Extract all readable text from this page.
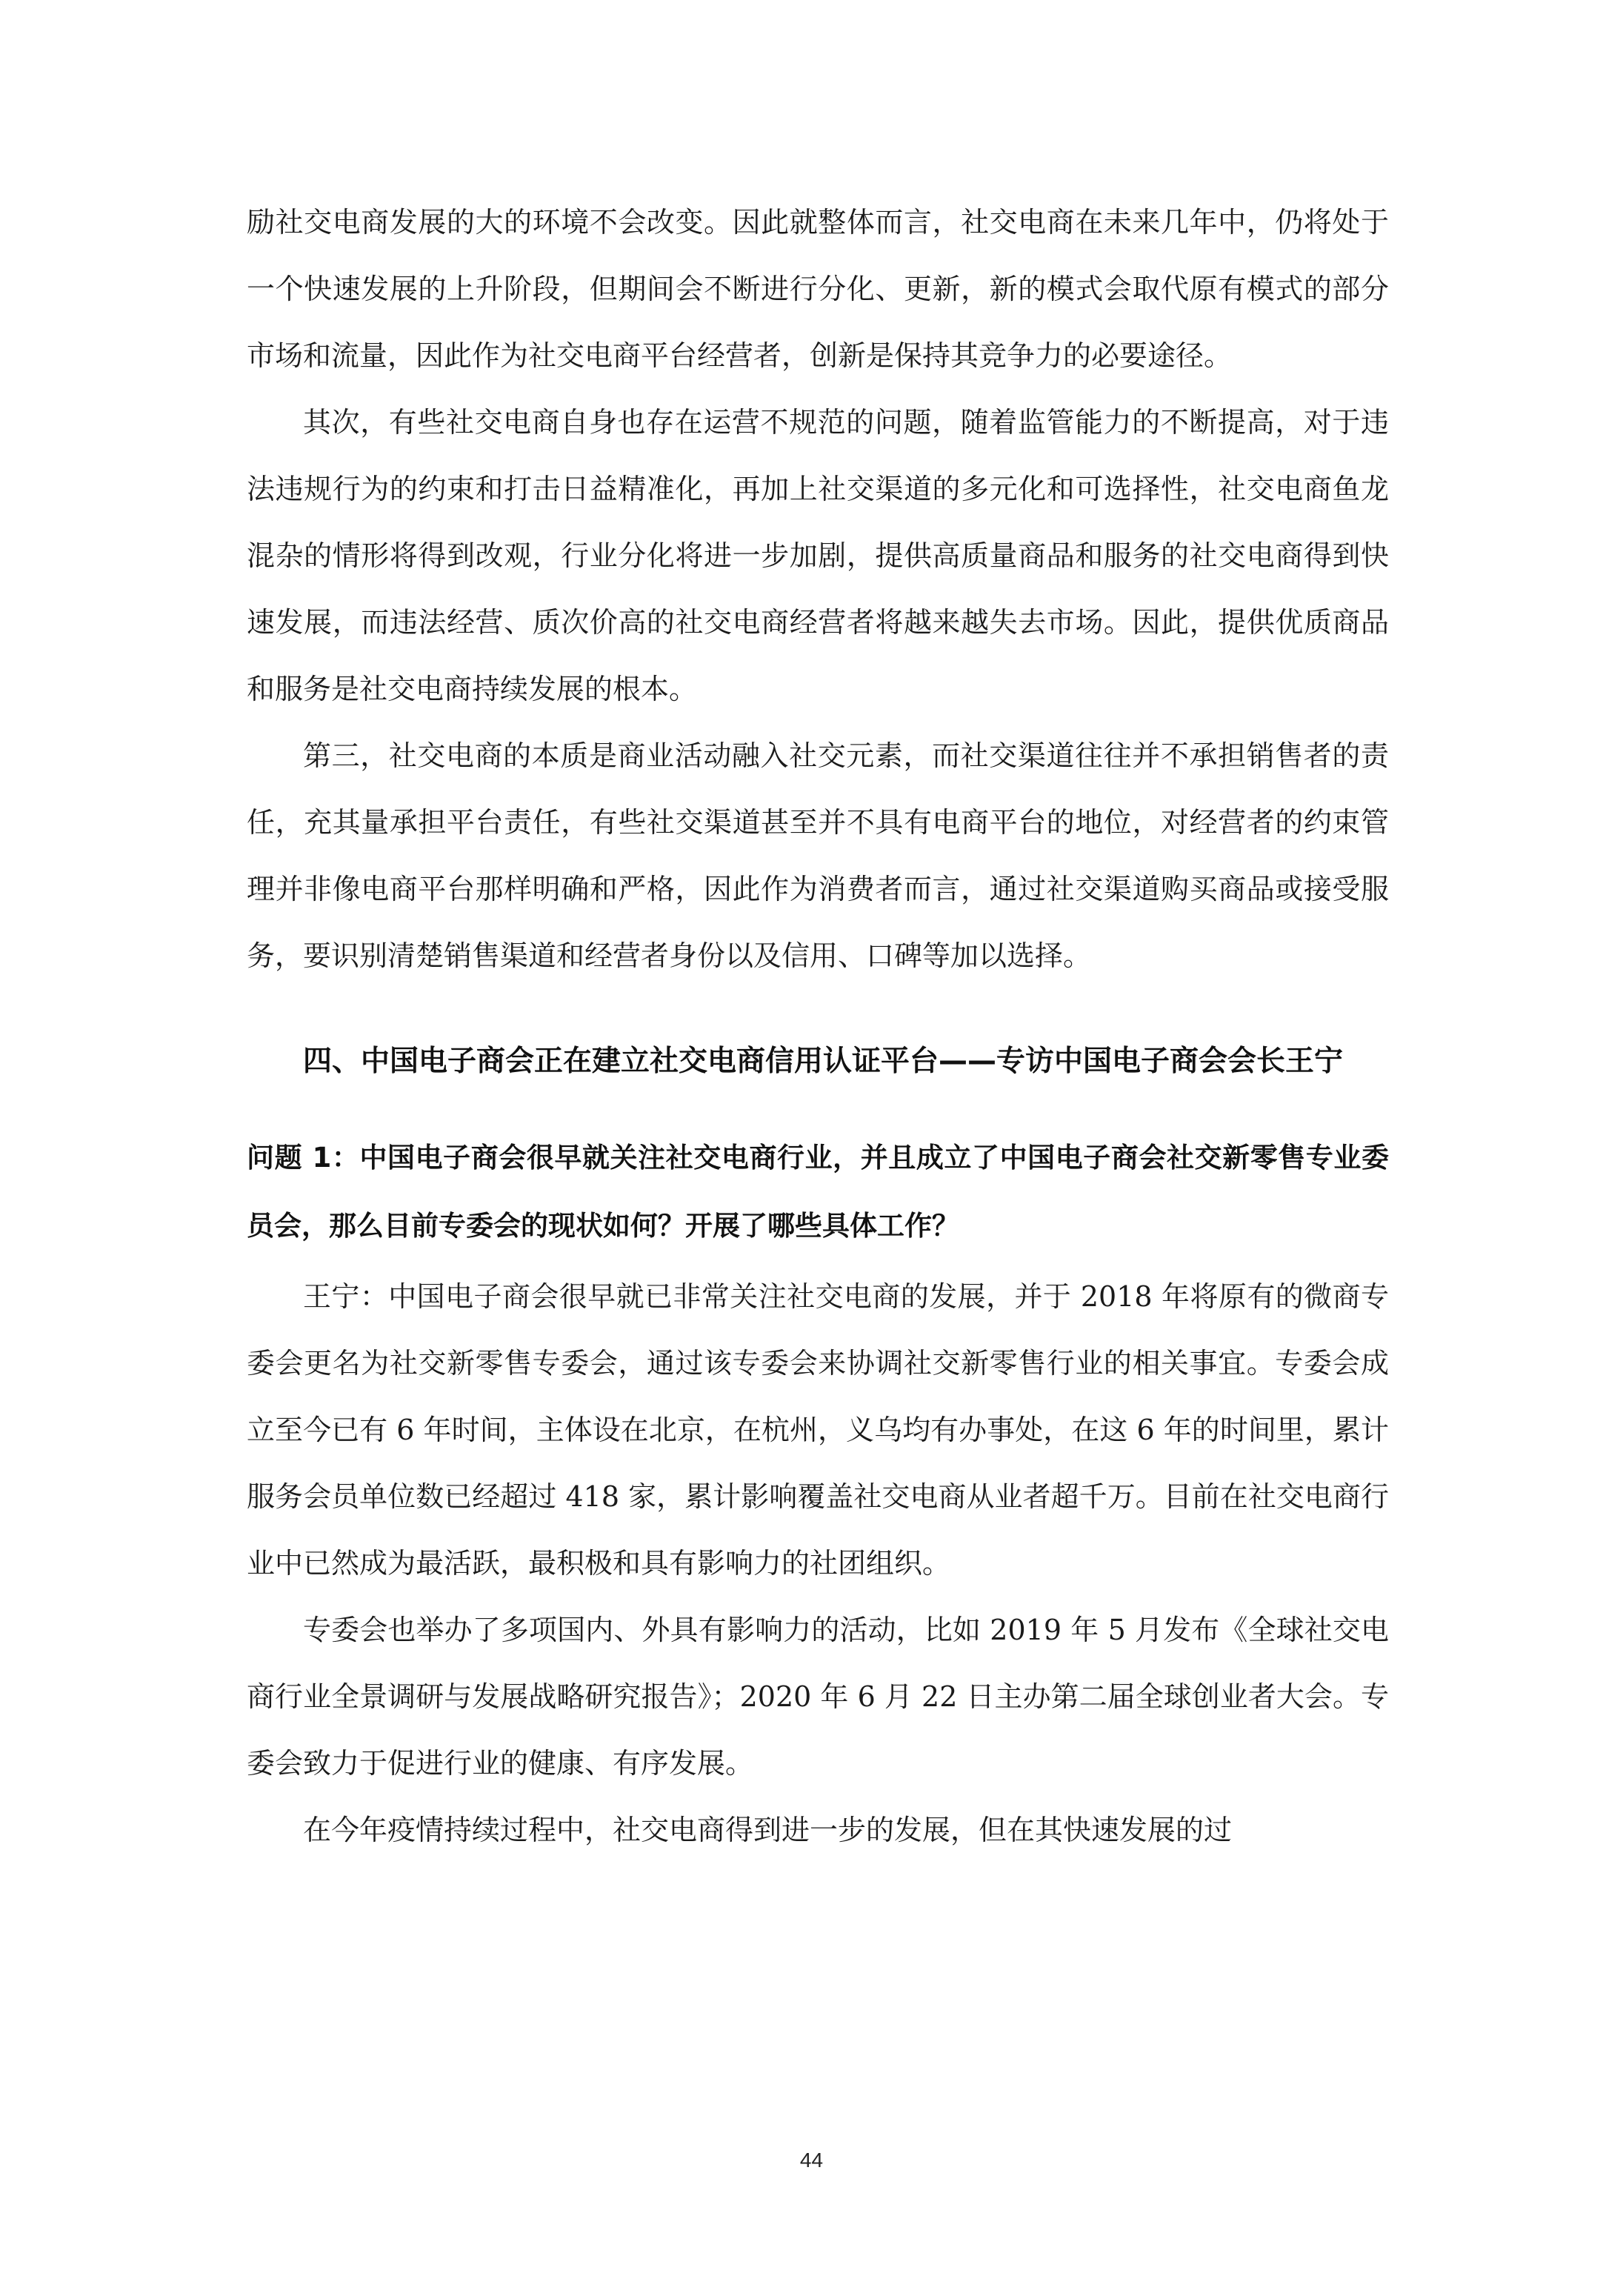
励社交电商发展的大的环境不会改变。因此就整体而言，社交电商在未来几年中，仍将处于一个快速发展的上升阶段，但期间会不断进行分化、更新，新的模式会取代原有模式的部分市场和流量，因此作为社交电商平台经营者，创新是保持其竞争力的必要途径。

其次，有些社交电商自身也存在运营不规范的问题，随着监管能力的不断提高，对于违法违规行为的约束和打击日益精准化，再加上社交渠道的多元化和可选择性，社交电商鱼龙混杂的情形将得到改观，行业分化将进一步加剧，提供高质量商品和服务的社交电商得到快速发展，而违法经营、质次价高的社交电商经营者将越来越失去市场。因此，提供优质商品和服务是社交电商持续发展的根本。

第三，社交电商的本质是商业活动融入社交元素，而社交渠道往往并不承担销售者的责任，充其量承担平台责任，有些社交渠道甚至并不具有电商平台的地位，对经营者的约束管理并非像电商平台那样明确和严格，因此作为消费者而言，通过社交渠道购买商品或接受服务，要识别清楚销售渠道和经营者身份以及信用、口碑等加以选择。

四、中国电子商会正在建立社交电商信用认证平台——专访中国电子商会会长王宁
问题 1：中国电子商会很早就关注社交电商行业，并且成立了中国电子商会社交新零售专业委员会，那么目前专委会的现状如何？开展了哪些具体工作？

王宁：中国电子商会很早就已非常关注社交电商的发展，并于 2018 年将原有的微商专委会更名为社交新零售专委会，通过该专委会来协调社交新零售行业的相关事宜。专委会成立至今已有 6 年时间，主体设在北京，在杭州，义乌均有办事处，在这 6 年的时间里，累计服务会员单位数已经超过 418 家，累计影响覆盖社交电商从业者超千万。目前在社交电商行业中已然成为最活跃，最积极和具有影响力的社团组织。

专委会也举办了多项国内、外具有影响力的活动，比如 2019 年 5 月发布《全球社交电商行业全景调研与发展战略研究报告》；2020 年 6 月 22 日主办第二届全球创业者大会。专委会致力于促进行业的健康、有序发展。

在今年疫情持续过程中，社交电商得到进一步的发展，但在其快速发展的过

44
